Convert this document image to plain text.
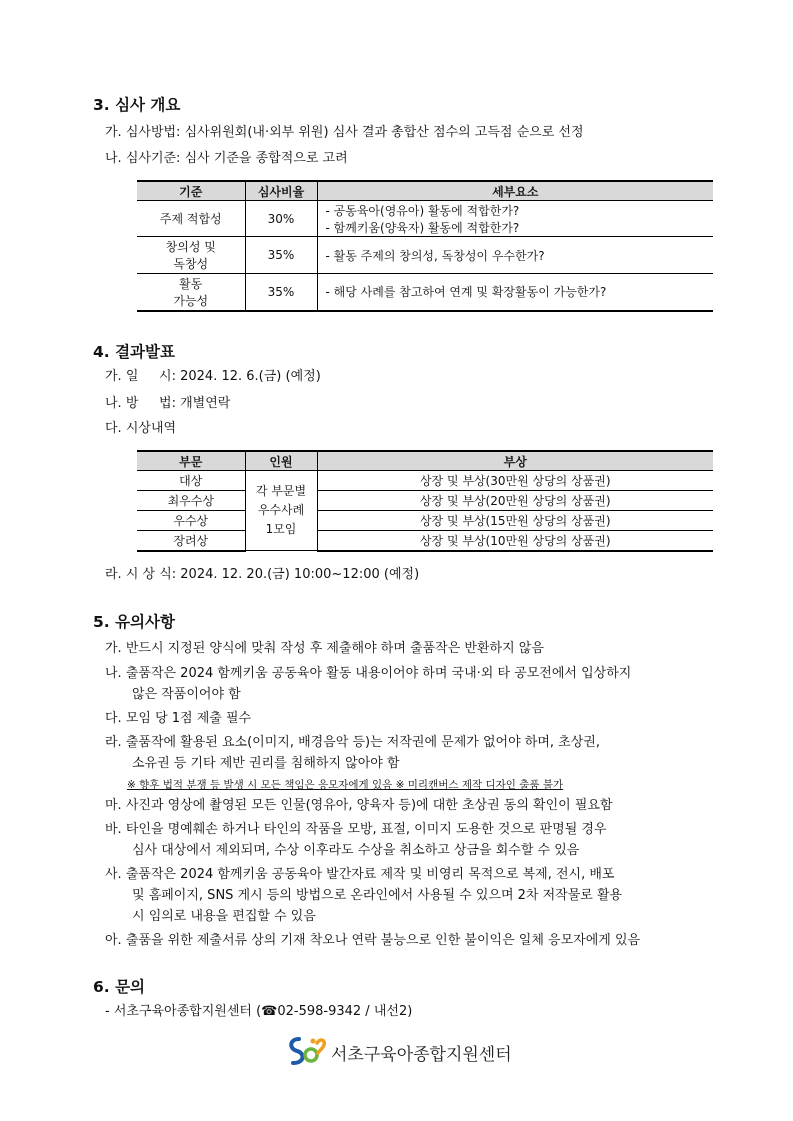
3. 심사 개요
가. 심사방법: 심사위원회(내·외부 위원) 심사 결과 총합산 점수의 고득점 순으로 선정
나. 심사기준: 심사 기준을 종합적으로 고려
기준	심사비율	세부요소
주제 적합성	30%	- 공동육아(영유아) 활동에 적합한가?
- 함께키움(양육자) 활동에 적합한가?

창의성 및
독창성	35%	- 활동 주제의 창의성, 독창성이 우수한가?

활동
가능성	35%	- 해당 사례를 참고하여 연계 및 확장활동이 가능한가?
4. 결과발표
가. 일     시: 2024. 12. 6.(금) (예정)
나. 방     법: 개별연락
다. 시상내역
부문	인원	부상
대상	각 부문별
우수사례
1모임	상장 및 부상(30만원 상당의 상품권)
최우수상		상장 및 부상(20만원 상당의 상품권)
우수상		상장 및 부상(15만원 상당의 상품권)
장려상		상장 및 부상(10만원 상당의 상품권)
라. 시 상 식: 2024. 12. 20.(금) 10:00~12:00 (예정)
5. 유의사항
가. 반드시 지정된 양식에 맞춰 작성 후 제출해야 하며 출품작은 반환하지 않음
나. 출품작은 2024 함께키움 공동육아 활동 내용이어야 하며 국내·외 타 공모전에서 입상하지
않은 작품이어야 함
다. 모임 당 1점 제출 필수
라. 출품작에 활용된 요소(이미지, 배경음악 등)는 저작권에 문제가 없어야 하며, 초상권,
소유권 등 기타 제반 권리를 침해하지 않아야 함
※ 향후 법적 분쟁 등 발생 시 모든 책임은 응모자에게 있음 ※ 미리캔버스 제작 디자인 출품 불가
마. 사진과 영상에 촬영된 모든 인물(영유아, 양육자 등)에 대한 초상권 동의 확인이 필요함
바. 타인을 명예훼손 하거나 타인의 작품을 모방, 표절, 이미지 도용한 것으로 판명될 경우
심사 대상에서 제외되며, 수상 이후라도 수상을 취소하고 상금을 회수할 수 있음
사. 출품작은 2024 함께키움 공동육아 발간자료 제작 및 비영리 목적으로 복제, 전시, 배포
및 홈페이지, SNS 게시 등의 방법으로 온라인에서 사용될 수 있으며 2차 저작물로 활용
시 임의로 내용을 편집할 수 있음
아. 출품을 위한 제출서류 상의 기재 착오나 연락 불능으로 인한 불이익은 일체 응모자에게 있음
6. 문의
- 서초구육아종합지원센터 (☎02-598-9342 / 내선2)
서초구육아종합지원센터
